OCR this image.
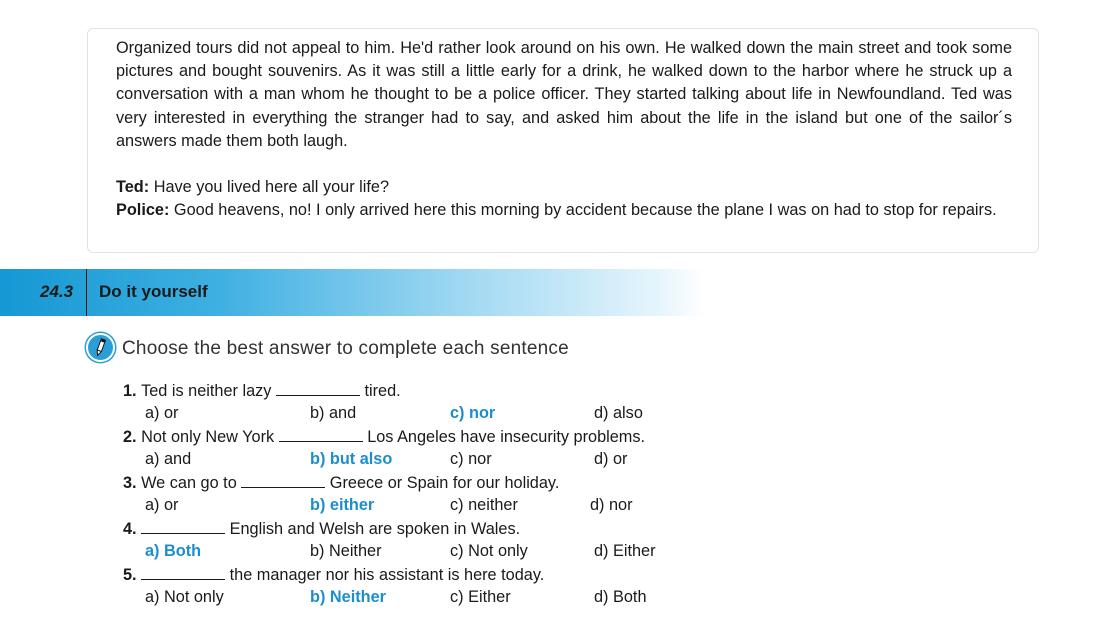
Organized tours did not appeal to him. He'd rather look around on his own. He walked down the main street and took some pictures and bought souvenirs. As it was still a little early for a drink, he walked down to the harbor where he struck up a conversation with a man whom he thought to be a police officer. They started talking about life in Newfoundland. Ted was very interested in everything the stranger had to say, and asked him about the life in the island but one of the sailor´s answers made them both laugh.

Ted: Have you lived here all your life?

Police: Good heavens, no! I only arrived here this morning by accident because the plane I was on had to stop for repairs.

24.3 Do it yourself
Choose the best answer to complete each sentence
1. Ted is neither lazy	tired.
a) or	b) and	c) nor	d) also
2. Not only New York	Los Angeles have insecurity problems.
a) and	b) but also	c) nor	d) or
3. We can go to	Greece or Spain for our holiday.
a) or	b) either	c) neither	d) nor
4.	English and Welsh are spoken in Wales.
a) Both	b) Neither	c) Not only	d) Either
5.	the manager nor his assistant is here today.
a) Not only	b) Neither	c) Either	d) Both
